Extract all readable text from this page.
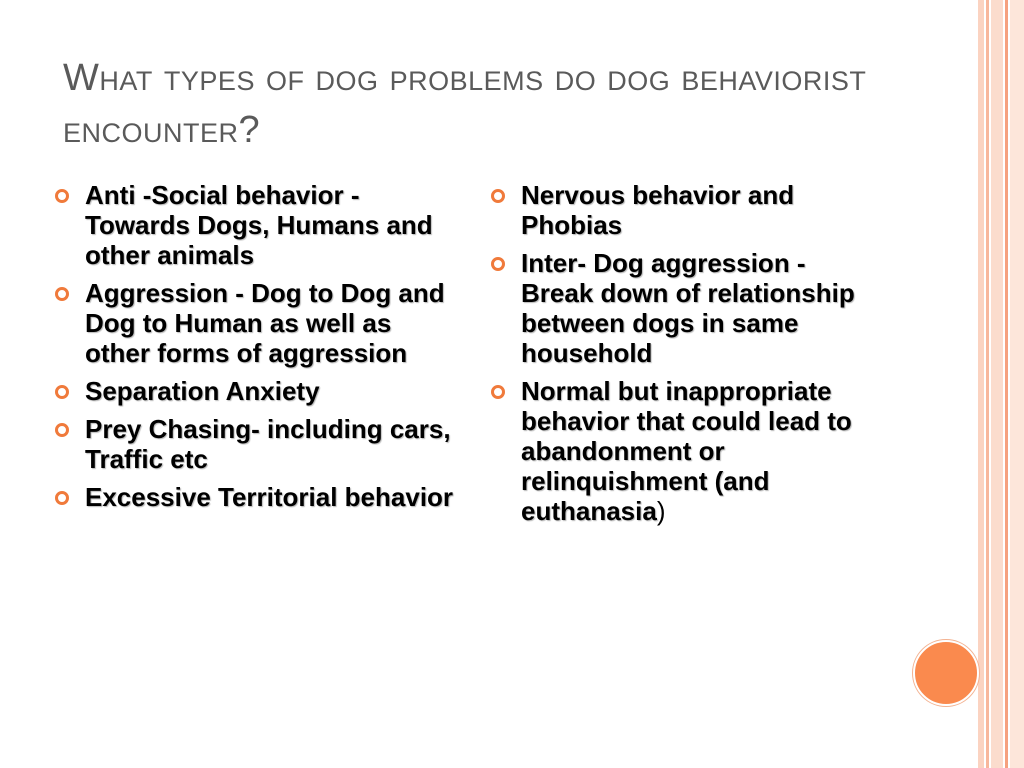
What types of dog problems do dog behaviorist encounter?
Anti -Social behavior - Towards Dogs, Humans and other animals
Aggression - Dog to Dog and Dog to Human as well as other forms of aggression
Separation Anxiety
Prey Chasing- including cars, Traffic etc
Excessive Territorial behavior
Nervous behavior and Phobias
Inter- Dog aggression - Break down of relationship between dogs in same household
Normal but inappropriate behavior that could lead to abandonment or relinquishment (and euthanasia)
